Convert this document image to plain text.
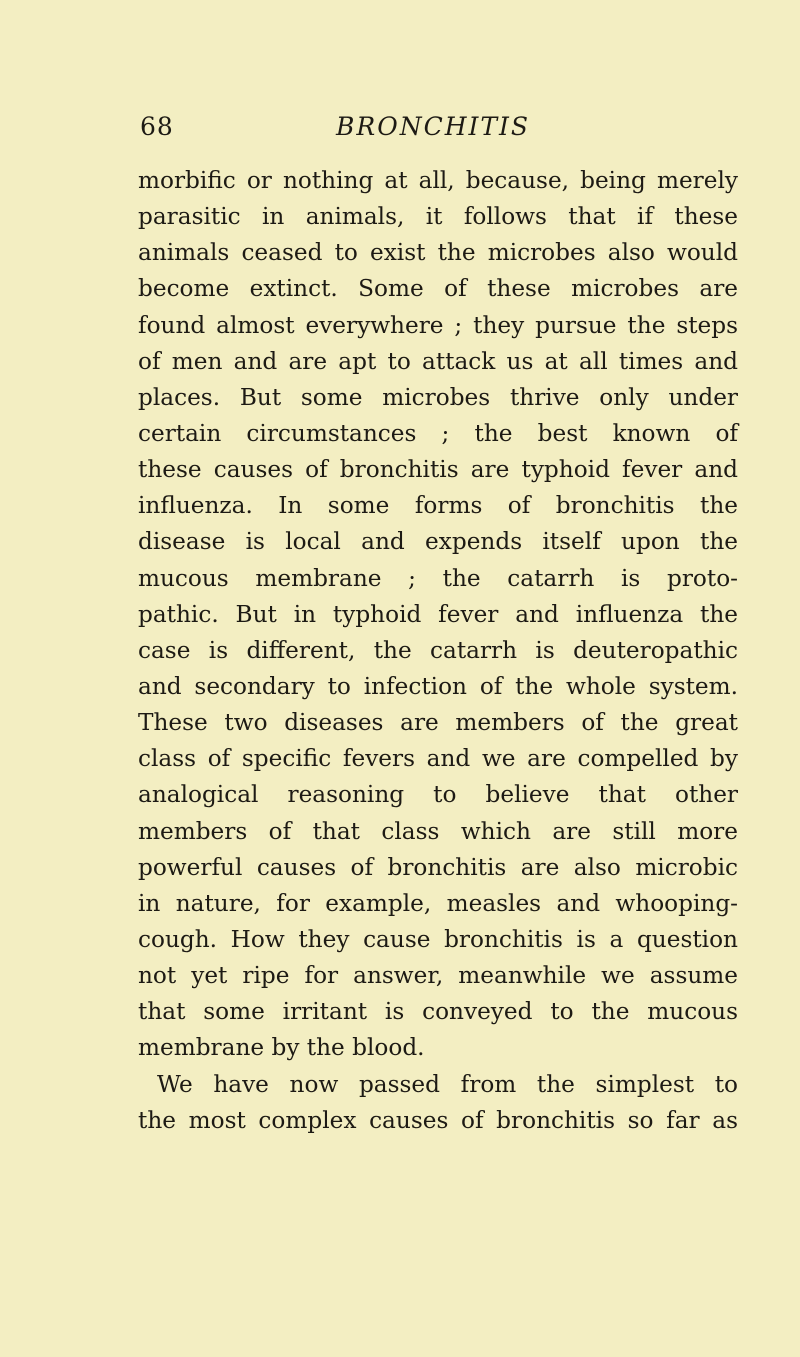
68	BRONCHITIS
morbific or nothing at all, because, being merely
parasitic in animals, it follows that if these
animals ceased to exist the microbes also would
become extinct. Some of these microbes are
found almost everywhere ; they pursue the steps
of men and are apt to attack us at all times and
places. But some microbes thrive only under
certain circumstances ; the best known of
these causes of bronchitis are typhoid fever and
influenza. In some forms of bronchitis the
disease is local and expends itself upon the
mucous membrane ; the catarrh is proto-
pathic. But in typhoid fever and influenza the
case is different, the catarrh is deuteropathic
and secondary to infection of the whole system.
These two diseases are members of the great
class of specific fevers and we are compelled by
analogical reasoning to believe that other
members of that class which are still more
powerful causes of bronchitis are also microbic
in nature, for example, measles and whooping-
cough. How they cause bronchitis is a question
not yet ripe for answer, meanwhile we assume
that some irritant is conveyed to the mucous
membrane by the blood.
We have now passed from the simplest to
the most complex causes of bronchitis so far as
